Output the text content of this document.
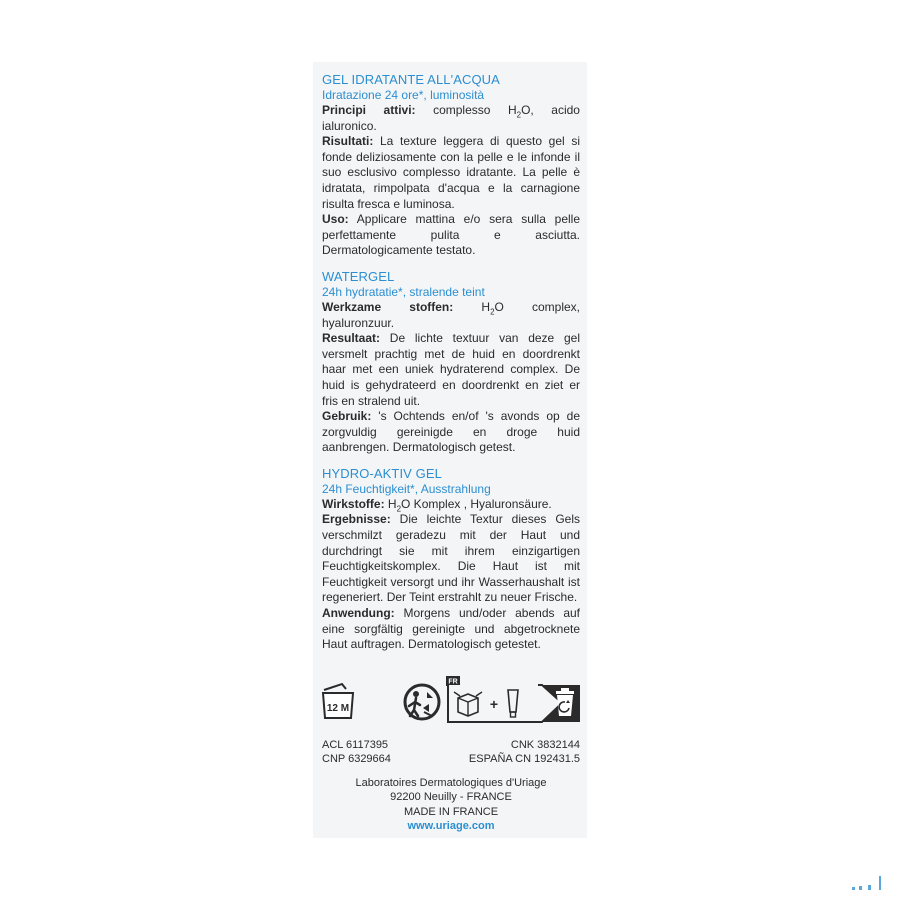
GEL IDRATANTE ALL'ACQUA
Idratazione 24 ore*, luminosità

Principi attivi: complesso $H_2O$, acido ialuronico.

Risultati: La texture leggera di questo gel si fonde deliziosamente con la pelle e le infonde il suo esclusivo complesso idratante. La pelle è idratata, rimpolpata d'acqua e la carnagione risulta fresca e luminosa.

Uso: Applicare mattina e/o sera sulla pelle perfettamente pulita e asciutta. Dermatologicamente testato.

WATERGEL
24h hydratatie*, stralende teint

Werkzame stoffen: $H_2O$ complex, hyaluronzuur.

Resultaat: De lichte textuur van deze gel versmelt prachtig met de huid en doordrenkt haar met een uniek hydraterend complex. De huid is gehydrateerd en doordrenkt en ziet er fris en stralend uit.

Gebruik: 's Ochtends en/of 's avonds op de zorgvuldig gereinigde en droge huid aanbrengen. Dermatologisch getest.

HYDRO-AKTIV GEL
24h Feuchtigkeit*, Ausstrahlung

Wirkstoffe: $H_2O$ Komplex , Hyaluronsäure.

Ergebnisse: Die leichte Textur dieses Gels verschmilzt geradezu mit der Haut und durchdringt sie mit ihrem einzigartigen Feuchtigkeitskomplex. Die Haut ist mit Feuchtigkeit versorgt und ihr Wasserhaushalt ist regeneriert. Der Teint erstrahlt zu neuer Frische.

Anwendung: Morgens und/oder abends auf eine sorgfältig gereinigte und abgetrocknete Haut auftragen. Dermatologisch getestet.

12 M
FR
+
ACL 6117395	CNK 3832144
CNP 6329664	ESPAÑA CN 192431.5
Laboratoires Dermatologiques d'Uriage
92200 Neuilly - FRANCE
MADE IN FRANCE
www.uriage.com
